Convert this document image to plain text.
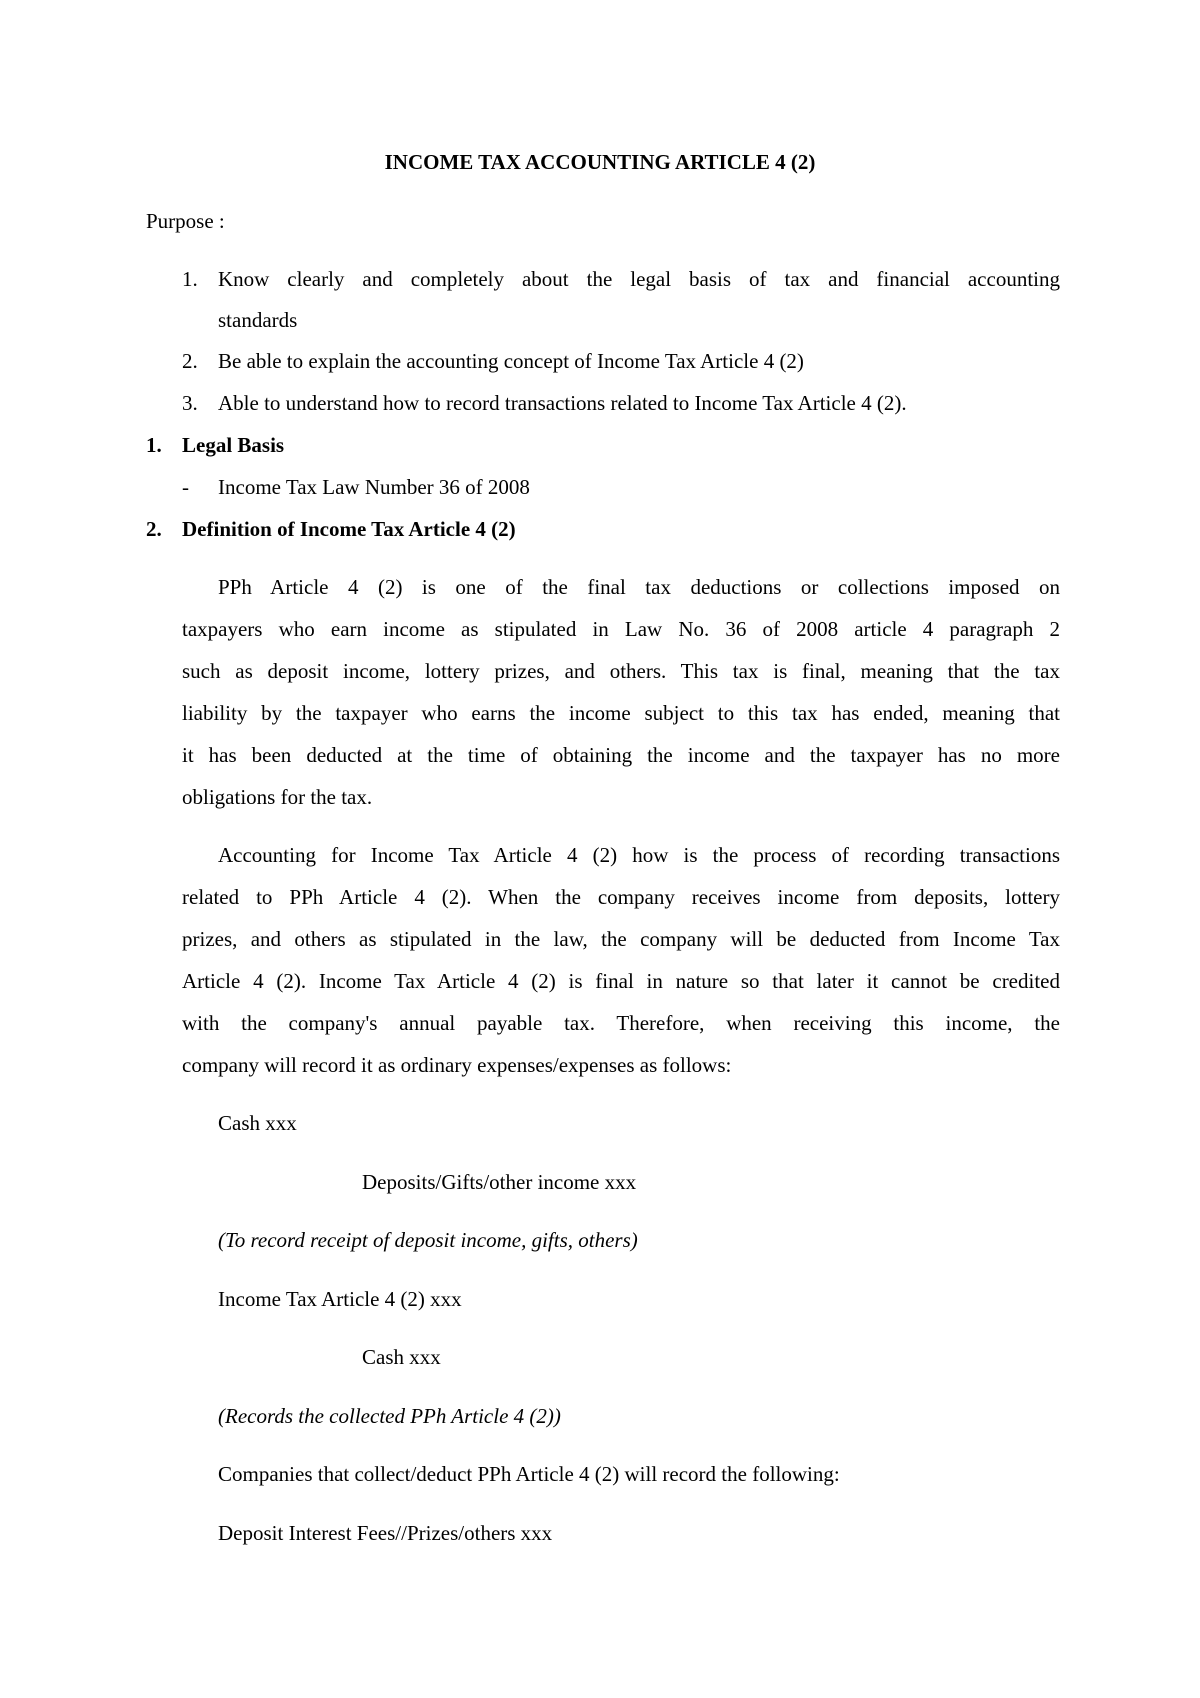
INCOME TAX ACCOUNTING ARTICLE 4 (2)
Purpose :
1. Know clearly and completely about the legal basis of tax and financial accounting
standards
2. Be able to explain the accounting concept of Income Tax Article 4 (2)
3. Able to understand how to record transactions related to Income Tax Article 4 (2).
1. Legal Basis
- Income Tax Law Number 36 of 2008
2. Definition of Income Tax Article 4 (2)
PPh Article 4 (2) is one of the final tax deductions or collections imposed on
taxpayers who earn income as stipulated in Law No. 36 of 2008 article 4 paragraph 2
such as deposit income, lottery prizes, and others. This tax is final, meaning that the tax
liability by the taxpayer who earns the income subject to this tax has ended, meaning that
it has been deducted at the time of obtaining the income and the taxpayer has no more
obligations for the tax.
Accounting for Income Tax Article 4 (2) how is the process of recording transactions
related to PPh Article 4 (2). When the company receives income from deposits, lottery
prizes, and others as stipulated in the law, the company will be deducted from Income Tax
Article 4 (2). Income Tax Article 4 (2) is final in nature so that later it cannot be credited
with the company's annual payable tax. Therefore, when receiving this income, the
company will record it as ordinary expenses/expenses as follows:
Cash xxx
Deposits/Gifts/other income xxx
(To record receipt of deposit income, gifts, others)
Income Tax Article 4 (2) xxx
Cash xxx
(Records the collected PPh Article 4 (2))
Companies that collect/deduct PPh Article 4 (2) will record the following:
Deposit Interest Fees//Prizes/others xxx
